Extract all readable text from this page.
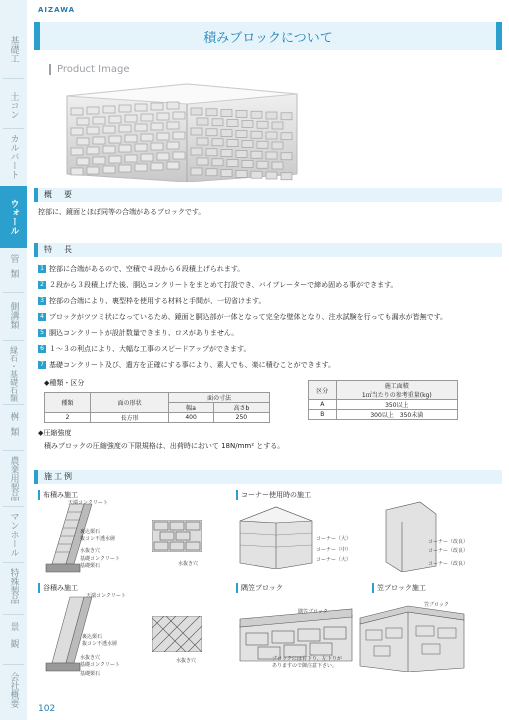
基礎工
土コン
カルバート
ウォール
管類
側溝類
縁石・基礎石類
桝類
農業用製品
マンホール
特殊製品
景観
会社概要
AIZAWA
積みブロックについて
Product Image
概　要
控部に、鏡面とほぼ同等の合端があるブロックです。
特　長
1 控部に合端があるので、空積で４段から６段積上げられます。
2 ２段から３段積上げた後、胴込コンクリートをまとめて打設でき、バイブレーターで締め固める事ができます。
3 控部の合端により、裏型枠を使用する材料と手間が、一切省けます。
4 ブロックがツツミ状になっているため、鏡面と胴込部が一体となって完全な壁体となり、注水試験を行っても漏水が皆無です。
5 胴込コンクリートが設計数量できまり、ロスがありません。
6 １～３の利点により、大幅な工事のスピードアップができます。
7 基礎コンクリート及び、遣方を正確にする事により、素人でも、楽に積むことができます。
◆種類・区分
種類	面の形状	面の寸法	
		幅a	高さb
2	長方形	400	250
区分	施工面積
1㎡当たりの参考重量(kg)
A	350以上
B	300以上　350未満
◆圧縮強度
積みブロックの圧縮強度の下限規格は、出荷時において 18N/mm² とする。
施工例
布積み施工
天端コンクリート
裏込栗石
抜コン不透水層
水抜き穴
基礎コンクリート
基礎栗石	水抜き穴
コーナー使用時の施工
コーナー（大）
コーナー（中）
コーナー（大）
コーナー（改良）
コーナー（改良）
コーナー（改良）
谷積み施工
天端コンクリート
裏込栗石
抜コン不透水層
水抜き穴
基礎コンクリート
基礎栗石
水抜き穴
隅笠ブロック
隅笠ブロック
ブロックには右下り、左下りが
ありますので御注意下さい。
笠ブロック施工
笠ブロック
102
